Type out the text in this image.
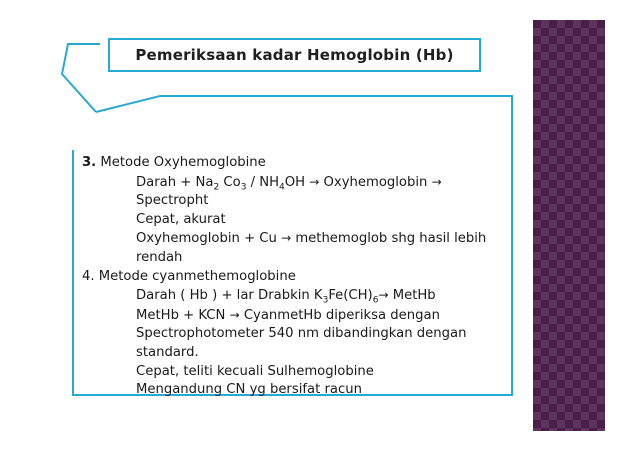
Pemeriksaan kadar Hemoglobin (Hb)
3. Metode Oxyhemoglobine
Darah + $Na_2$ $Co_3 / NH_4OH$ → Oxyhemoglobin →
Spectropht
Cepat, akurat
Oxyhemoglobin + Cu → methemoglob shg hasil lebih
rendah
4. Metode cyanmethemoglobine
Darah ( Hb ) + lar Drabkin $K_3Fe(CH)_6\to$ MetHb
MetHb + KCN → CyanmetHb diperiksa dengan
Spectrophotometer 540 nm dibandingkan dengan
standard.
Cepat, teliti kecuali Sulhemoglobine
Mengandung CN yg bersifat racun
